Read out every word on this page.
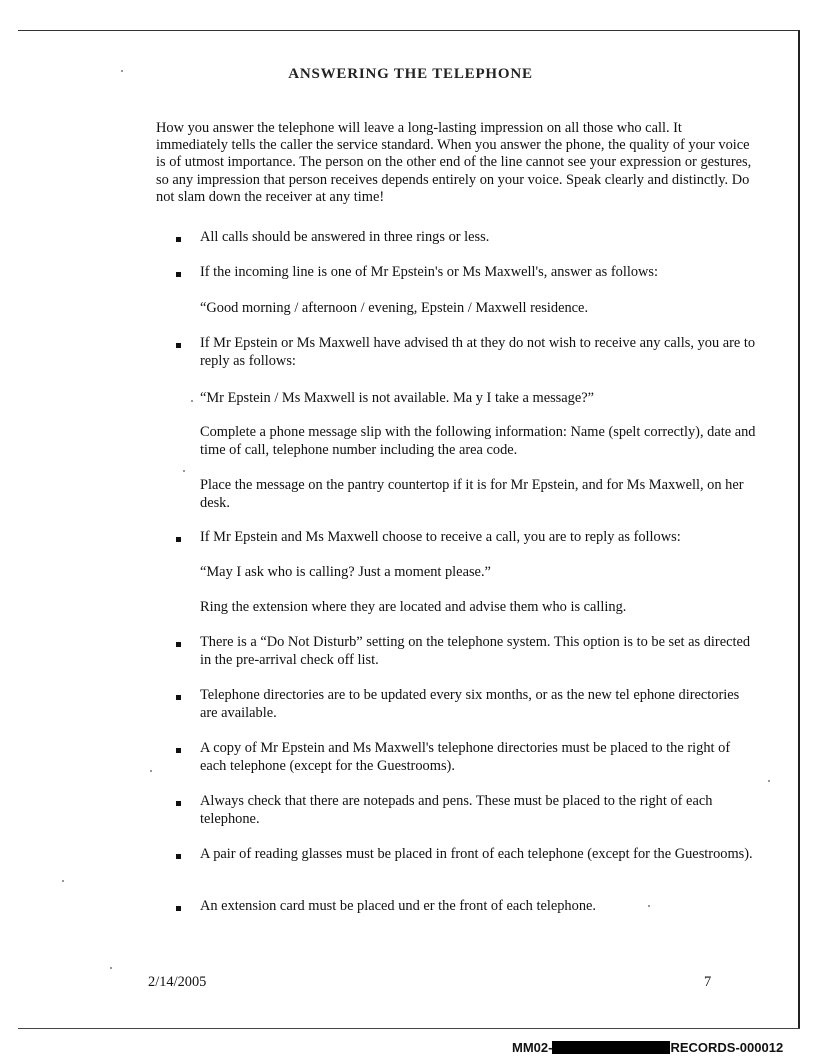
ANSWERING THE TELEPHONE

How you answer the telephone will leave a long-lasting impression on all those who call. It immediately tells the caller the service standard. When you answer the phone, the quality of your voice is of utmost importance. The person on the other end of the line cannot see your expression or gestures, so any impression that person receives depends entirely on your voice. Speak clearly and distinctly. Do not slam down the receiver at any time!

All calls should be answered in three rings or less.

If the incoming line is one of Mr Epstein's or Ms Maxwell's, answer as follows:

“Good morning / afternoon / evening, Epstein / Maxwell residence.

If Mr Epstein or Ms Maxwell have advised th at they do not wish to receive any calls, you are to reply as follows:

“Mr Epstein / Ms Maxwell is not available. Ma y I take a message?”

Complete a phone message slip with the following information: Name (spelt correctly), date and time of call, telephone number including the area code.

Place the message on the pantry countertop if it is for Mr Epstein, and for Ms Maxwell, on her desk.

If Mr Epstein and Ms Maxwell choose to receive a call, you are to reply as follows:

“May I ask who is calling? Just a moment please.”

Ring the extension where they are located and advise them who is calling.

There is a “Do Not Disturb” setting on the telephone system. This option is to be set as directed in the pre-arrival check off list.

Telephone directories are to be updated every six months, or as the new tel ephone directories are available.

A copy of Mr Epstein and Ms Maxwell's telephone directories must be placed to the right of each telephone (except for the Guestrooms).

Always check that there are notepads and pens. These must be placed to the right of each telephone.

A pair of reading glasses must be placed in front of each telephone (except for the Guestrooms).

An extension card must be placed und er the front of each telephone.

2/14/2005	7
MM02-	RECORDS-000012
